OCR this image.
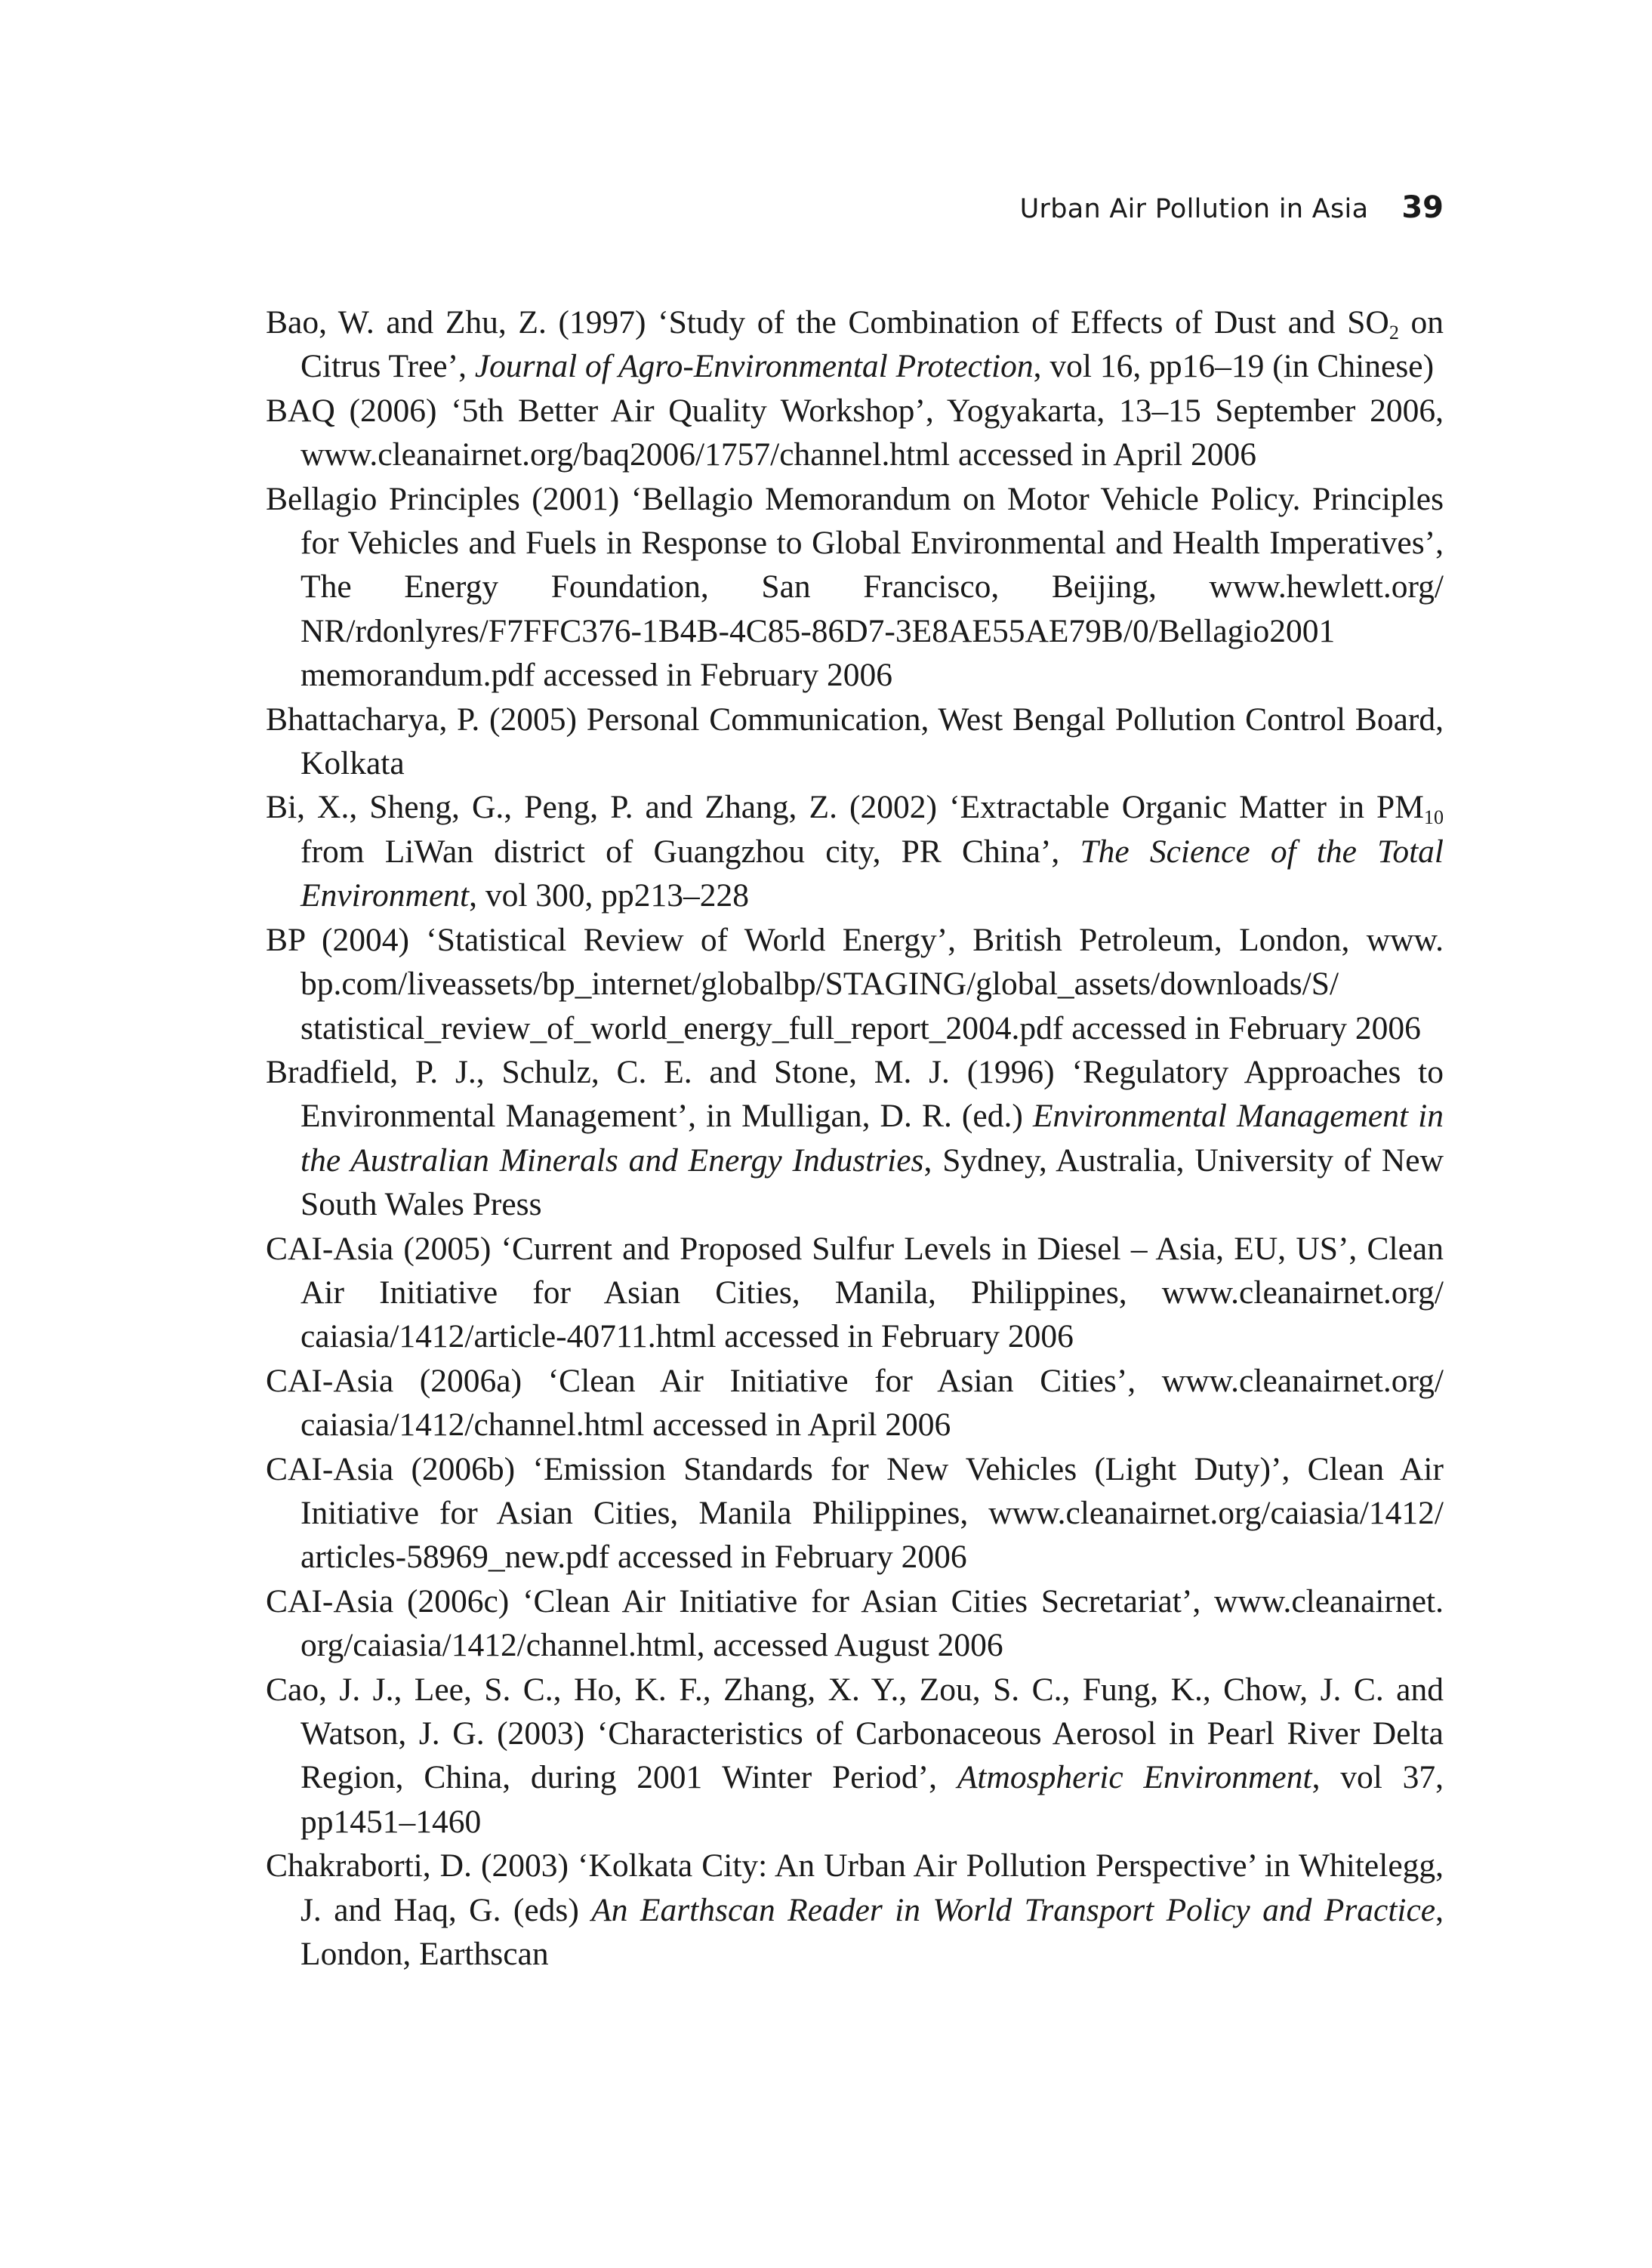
Urban Air Pollution in Asia 39

Bao, W. and Zhu, Z. (1997) ‘Study of the Combination of Effects of Dust and $SO_2$ on Citrus Tree’, Journal of Agro-Environmental Protection, vol 16, pp16–19 (in Chinese)

BAQ (2006) ‘5th Better Air Quality Workshop’, Yogyakarta, 13–15 September 2006, www.cleanairnet.org/baq2006/1757/channel.html accessed in April 2006

Bellagio Principles (2001) ‘Bellagio Memorandum on Motor Vehicle Policy. Principles for Vehicles and Fuels in Response to Global Environmental and Health Imperatives’, The Energy Foundation, San Francisco, Beijing, www.hewlett.org/ NR/rdonlyres/F7FFC376-1B4B-4C85-86D7-3E8AE55AE79B/0/Bellagio2001 memorandum.pdf accessed in February 2006

Bhattacharya, P. (2005) Personal Communication, West Bengal Pollution Control Board, Kolkata

Bi, X., Sheng, G., Peng, P. and Zhang, Z. (2002) ‘Extractable Organic Matter in $PM_{10}$ from LiWan district of Guangzhou city, PR China’, The Science of the Total Environment, vol 300, pp213–228

BP (2004) ‘Statistical Review of World Energy’, British Petroleum, London, www. bp.com/liveassets/bp_internet/globalbp/STAGING/global_assets/downloads/S/ statistical_review_of_world_energy_full_report_2004.pdf accessed in February 2006

Bradfield, P. J., Schulz, C. E. and Stone, M. J. (1996) ‘Regulatory Approaches to Environmental Management’, in Mulligan, D. R. (ed.) Environmental Management in the Australian Minerals and Energy Industries, Sydney, Australia, University of New South Wales Press

CAI-Asia (2005) ‘Current and Proposed Sulfur Levels in Diesel – Asia, EU, US’, Clean Air Initiative for Asian Cities, Manila, Philippines, www.cleanairnet.org/ caiasia/1412/article-40711.html accessed in February 2006

CAI-Asia (2006a) ‘Clean Air Initiative for Asian Cities’, www.cleanairnet.org/ caiasia/1412/channel.html accessed in April 2006

CAI-Asia (2006b) ‘Emission Standards for New Vehicles (Light Duty)’, Clean Air Initiative for Asian Cities, Manila Philippines, www.cleanairnet.org/caiasia/1412/ articles-58969_new.pdf accessed in February 2006

CAI-Asia (2006c) ‘Clean Air Initiative for Asian Cities Secretariat’, www.cleanairnet. org/caiasia/1412/channel.html, accessed August 2006

Cao, J. J., Lee, S. C., Ho, K. F., Zhang, X. Y., Zou, S. C., Fung, K., Chow, J. C. and Watson, J. G. (2003) ‘Characteristics of Carbonaceous Aerosol in Pearl River Delta Region, China, during 2001 Winter Period’, Atmospheric Environment, vol 37, pp1451–1460

Chakraborti, D. (2003) ‘Kolkata City: An Urban Air Pollution Perspective’ in Whitelegg, J. and Haq, G. (eds) An Earthscan Reader in World Transport Policy and Practice, London, Earthscan
